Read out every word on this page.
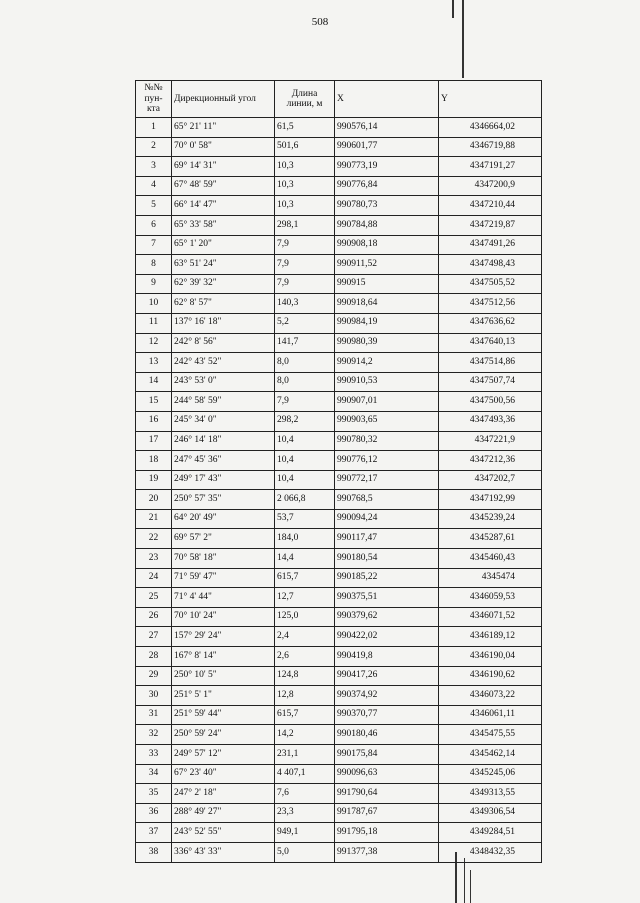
508
№№ пун-кта	Дирекционный угол	Длина линии, м	X	Y
1	65° 21' 11"	61,5	990576,14	4346664,02
2	70° 0' 58"	501,6	990601,77	4346719,88
3	69° 14' 31"	10,3	990773,19	4347191,27
4	67° 48' 59"	10,3	990776,84	4347200,9
5	66° 14' 47"	10,3	990780,73	4347210,44
6	65° 33' 58"	298,1	990784,88	4347219,87
7	65° 1' 20"	7,9	990908,18	4347491,26
8	63° 51' 24"	7,9	990911,52	4347498,43
9	62° 39' 32"	7,9	990915	4347505,52
10	62° 8' 57"	140,3	990918,64	4347512,56
11	137° 16' 18"	5,2	990984,19	4347636,62
12	242° 8' 56"	141,7	990980,39	4347640,13
13	242° 43' 52"	8,0	990914,2	4347514,86
14	243° 53' 0"	8,0	990910,53	4347507,74
15	244° 58' 59"	7,9	990907,01	4347500,56
16	245° 34' 0"	298,2	990903,65	4347493,36
17	246° 14' 18"	10,4	990780,32	4347221,9
18	247° 45' 36"	10,4	990776,12	4347212,36
19	249° 17' 43"	10,4	990772,17	4347202,7
20	250° 57' 35"	2 066,8	990768,5	4347192,99
21	64° 20' 49"	53,7	990094,24	4345239,24
22	69° 57' 2"	184,0	990117,47	4345287,61
23	70° 58' 18"	14,4	990180,54	4345460,43
24	71° 59' 47"	615,7	990185,22	4345474
25	71° 4' 44"	12,7	990375,51	4346059,53
26	70° 10' 24"	125,0	990379,62	4346071,52
27	157° 29' 24"	2,4	990422,02	4346189,12
28	167° 8' 14"	2,6	990419,8	4346190,04
29	250° 10' 5"	124,8	990417,26	4346190,62
30	251° 5' 1"	12,8	990374,92	4346073,22
31	251° 59' 44"	615,7	990370,77	4346061,11
32	250° 59' 24"	14,2	990180,46	4345475,55
33	249° 57' 12"	231,1	990175,84	4345462,14
34	67° 23' 40"	4 407,1	990096,63	4345245,06
35	247° 2' 18"	7,6	991790,64	4349313,55
36	288° 49' 27"	23,3	991787,67	4349306,54
37	243° 52' 55"	949,1	991795,18	4349284,51
38	336° 43' 33"	5,0	991377,38	4348432,35
